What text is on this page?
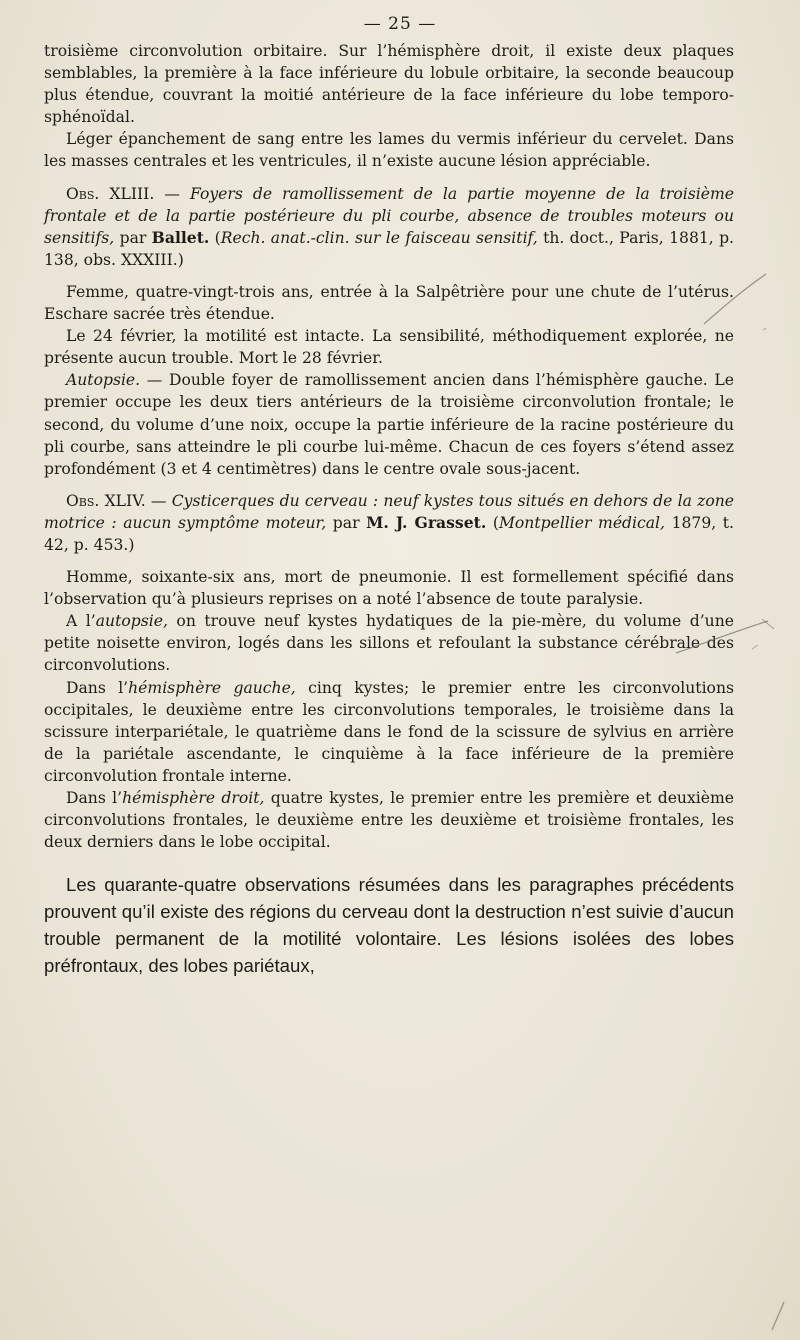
— 25 —

troisième circonvolution orbitaire. Sur l’hémisphère droit, il existe deux plaques semblables, la première à la face inférieure du lobule orbitaire, la seconde beaucoup plus étendue, couvrant la moitié antérieure de la face inférieure du lobe temporo-sphénoïdal.

Léger épanchement de sang entre les lames du vermis inférieur du cervelet. Dans les masses centrales et les ventricules, il n’existe aucune lésion appréciable.

Obs. XLIII. — Foyers de ramollissement de la partie moyenne de la troisième frontale et de la partie postérieure du pli courbe, absence de troubles moteurs ou sensitifs, par Ballet. (Rech. anat.-clin. sur le faisceau sensitif, th. doct., Paris, 1881, p. 138, obs. XXXIII.)

Femme, quatre-vingt-trois ans, entrée à la Salpêtrière pour une chute de l’utérus. Eschare sacrée très étendue.

Le 24 février, la motilité est intacte. La sensibilité, méthodiquement explorée, ne présente aucun trouble. Mort le 28 février.

Autopsie. — Double foyer de ramollissement ancien dans l’hémisphère gauche. Le premier occupe les deux tiers antérieurs de la troisième circonvolution frontale; le second, du volume d’une noix, occupe la partie inférieure de la racine postérieure du pli courbe, sans atteindre le pli courbe lui-même. Chacun de ces foyers s’étend assez profondément (3 et 4 centimètres) dans le centre ovale sous-jacent.

Obs. XLIV. — Cysticerques du cerveau : neuf kystes tous situés en dehors de la zone motrice : aucun symptôme moteur, par M. J. Grasset. (Montpellier médical, 1879, t. 42, p. 453.)

Homme, soixante-six ans, mort de pneumonie. Il est formellement spécifié dans l’observation qu’à plusieurs reprises on a noté l’absence de toute paralysie.

A l’autopsie, on trouve neuf kystes hydatiques de la pie-mère, du volume d’une petite noisette environ, logés dans les sillons et refoulant la substance cérébrale des circonvolutions.

Dans l’hémisphère gauche, cinq kystes; le premier entre les circonvolutions occipitales, le deuxième entre les circonvolutions temporales, le troisième dans la scissure interpariétale, le quatrième dans le fond de la scissure de sylvius en arrière de la pariétale ascendante, le cinquième à la face inférieure de la première circonvolution frontale interne.

Dans l’hémisphère droit, quatre kystes, le premier entre les première et deuxième circonvolutions frontales, le deuxième entre les deuxième et troisième frontales, les deux derniers dans le lobe occipital.

Les quarante-quatre observations résumées dans les paragraphes précédents prouvent qu’il existe des régions du cerveau dont la destruction n’est suivie d’aucun trouble permanent de la motilité volontaire. Les lésions isolées des lobes préfrontaux, des lobes pariétaux,
